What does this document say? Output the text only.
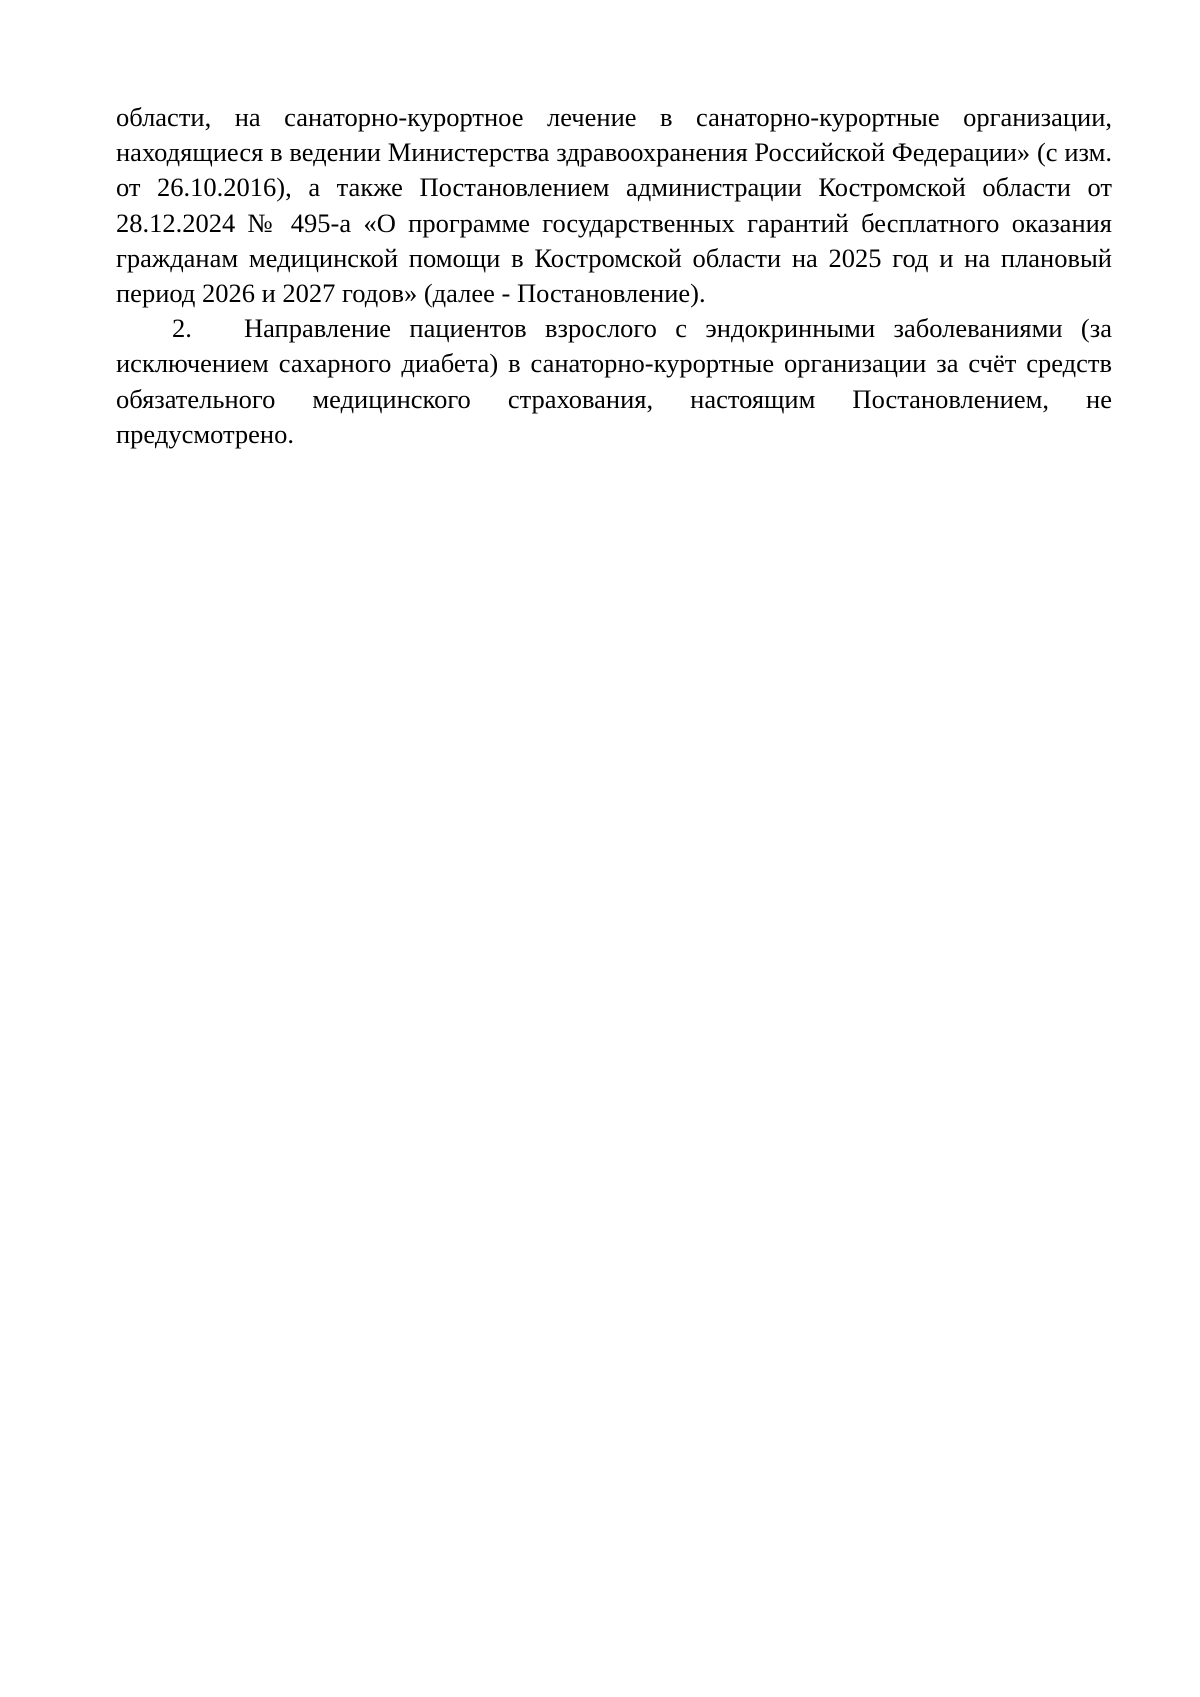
области, на санаторно-курортное лечение в санаторно-курортные организации, находящиеся в ведении Министерства здравоохранения Российской Федерации» (с изм. от 26.10.2016), а также Постановлением администрации Костромской области от 28.12.2024 № 495-а «О программе государственных гарантий бесплатного оказания гражданам медицинской помощи в Костромской области на 2025 год и на плановый период 2026 и 2027 годов» (далее - Постановление).

2. Направление пациентов взрослого с эндокринными заболеваниями (за исключением сахарного диабета) в санаторно-курортные организации за счёт средств обязательного медицинского страхования, настоящим Постановлением, не предусмотрено.
